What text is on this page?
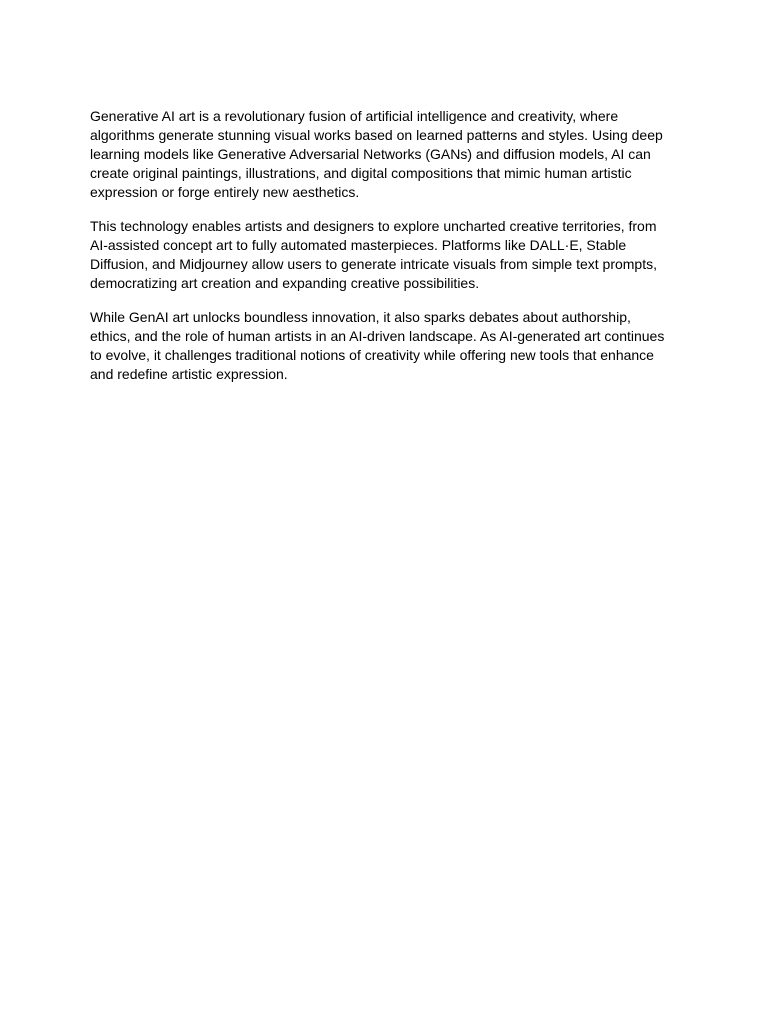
Generative AI art is a revolutionary fusion of artificial intelligence and creativity, where algorithms generate stunning visual works based on learned patterns and styles. Using deep learning models like Generative Adversarial Networks (GANs) and diffusion models, AI can create original paintings, illustrations, and digital compositions that mimic human artistic expression or forge entirely new aesthetics.

This technology enables artists and designers to explore uncharted creative territories, from AI-assisted concept art to fully automated masterpieces. Platforms like DALL·E, Stable Diffusion, and Midjourney allow users to generate intricate visuals from simple text prompts, democratizing art creation and expanding creative possibilities.

While GenAI art unlocks boundless innovation, it also sparks debates about authorship, ethics, and the role of human artists in an AI-driven landscape. As AI-generated art continues to evolve, it challenges traditional notions of creativity while offering new tools that enhance and redefine artistic expression.
